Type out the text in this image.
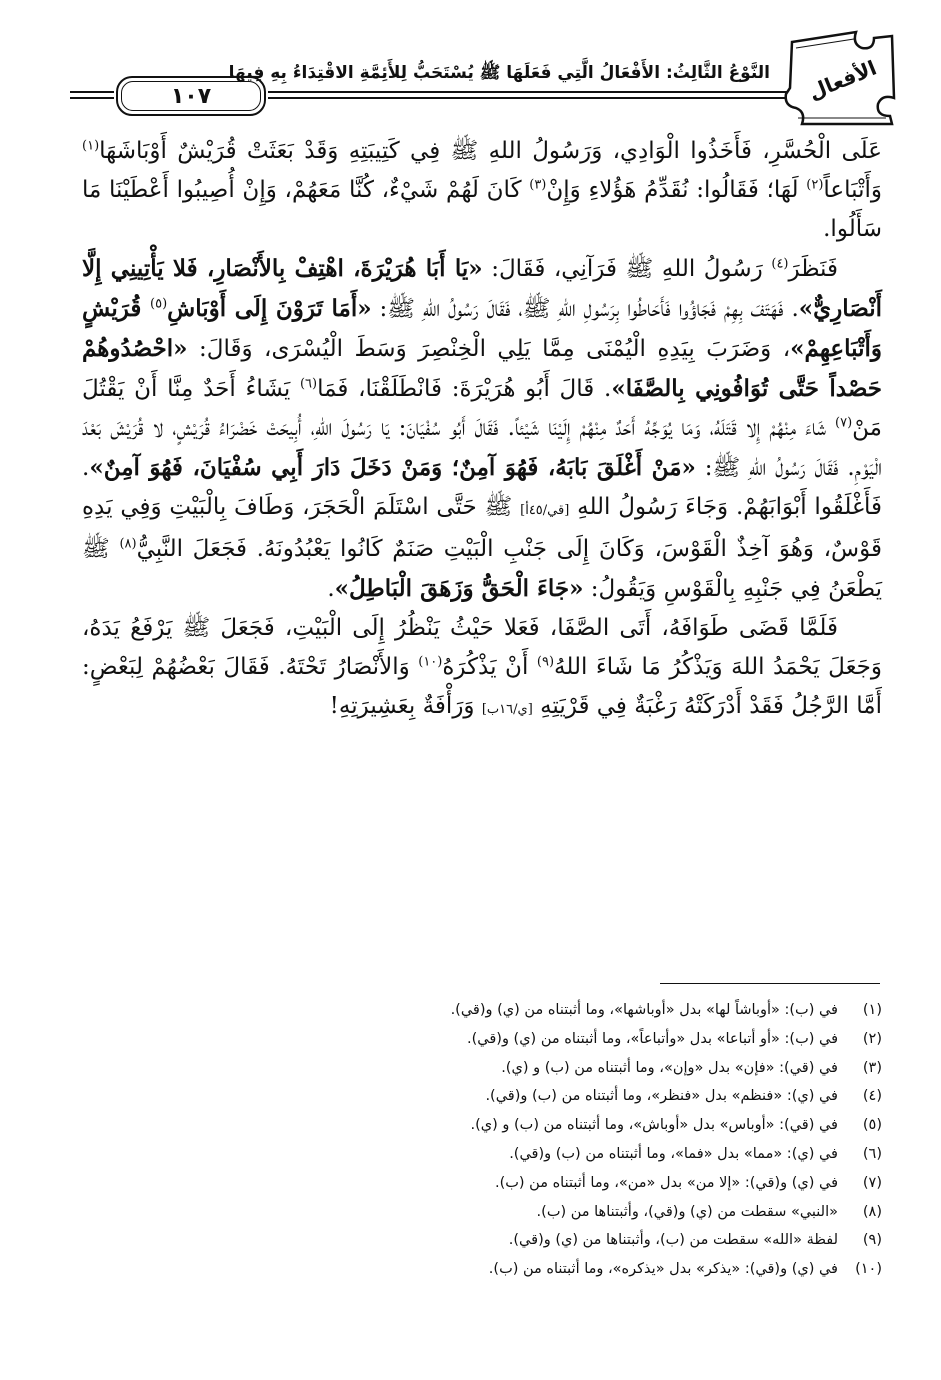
١٠٧
النَّوْعُ الثَّالِثُ: الأَفْعَالُ الَّتِي فَعَلَهَا ﷺ يُسْتَحَبُّ لِلأَئِمَّةِ الاقْتِدَاءُ بِهِ فِيهَا الأفعال

عَلَى الْحُسَّرِ، فَأَخَذُوا الْوَادِي، وَرَسُولُ اللهِ ﷺ فِي كَتِيبَتِهِ وَقَدْ بَعَثَتْ قُرَيْشٌ أَوْبَاشَهَا$^{(١)}$ وَأَتْبَاعاً$^{(٢)}$ لَهَا؛ فَقَالُوا: نُقَدِّمُ هَؤُلاءِ وَإِنْ$^{(٣)}$ كَانَ لَهُمْ شَيْءٌ، كُنَّا مَعَهُمْ، وَإِنْ أُصِيبُوا أَعْطَيْنَا مَا سَأَلُوا.

فَنَظَرَ$^{(٤)}$ رَسُولُ اللهِ ﷺ فَرَآنِي، فَقَالَ: «يَا أَبَا هُرَيْرَةَ، اهْتِفْ بِالأَنْصَارِ، فَلا يَأْتِينِي إِلَّا أَنْصَارِيٌّ». فَهَتَفَ بِهِمْ فَجَاؤُوا فَأَحَاطُوا بِرَسُولِ اللهِ ﷺ، فَقَالَ رَسُولُ اللهِ ﷺ: «أَمَا تَرَوْنَ إِلَى أَوْبَاشِ$^{(٥)}$ قُرَيْشٍ وَأَتْبَاعِهِمْ»، وَضَرَبَ بِيَدِهِ الْيُمْنَى مِمَّا يَلِي الْخِنْصِرَ وَسَطَ الْيُسْرَى، وَقَالَ: «احْصُدُوهُمْ حَصْداً حَتَّى تُوَافُونِي بِالصَّفَا». قَالَ أَبُو هُرَيْرَةَ: فَانْطَلَقْنَا، فَمَا$^{(٦)}$ يَشَاءُ أَحَدٌ مِنَّا أَنْ يَقْتُلَ مَنْ$^{(٧)}$ شَاءَ مِنْهُمْ إِلا قَتَلَهُ، وَمَا يُوَجِّهُ أَحَدٌ مِنْهُمْ إِلَيْنَا شَيْئاً. فَقَالَ أَبُو سُفْيَانَ: يَا رَسُولَ اللهِ، أُبِيحَتْ خَضْرَاءُ قُرَيْشٍ، لا قُرَيْشَ بَعْدَ الْيَوْمِ. فَقَالَ رَسُولُ اللهِ ﷺ: «مَنْ أَغْلَقَ بَابَهُ، فَهُوَ آمِنٌ؛ وَمَنْ دَخَلَ دَارَ أَبِي سُفْيَانَ، فَهُوَ آمِنٌ». فَأَغْلَقُوا أَبْوَابَهُمْ. وَجَاءَ رَسُولُ اللهِ [قي/٤٥أ] ﷺ حَتَّى اسْتَلَمَ الْحَجَرَ، وَطَافَ بِالْبَيْتِ وَفِي يَدِهِ قَوْسٌ، وَهُوَ آخِذٌ الْقَوْسَ، وَكَانَ إِلَى جَنْبِ الْبَيْتِ صَنَمٌ كَانُوا يَعْبُدُونَهُ. فَجَعَلَ النَّبِيُّ$^{(٨)}$ ﷺ يَطْعَنُ فِي جَنْبِهِ بِالْقَوْسِ وَيَقُولُ: «جَاءَ الْحَقُّ وَزَهَقَ الْبَاطِلُ».

فَلَمَّا قَضَى طَوَافَهُ، أَتَى الصَّفَا، فَعَلا حَيْثُ يَنْظُرُ إِلَى الْبَيْتِ، فَجَعَلَ ﷺ يَرْفَعُ يَدَهُ، وَجَعَلَ يَحْمَدُ اللهَ وَيَذْكُرُ مَا شَاءَ اللهُ$^{(٩)}$ أَنْ يَذْكُرَهُ$^{(١٠)}$ وَالأَنْصَارُ تَحْتَهُ. فَقَالَ بَعْضُهُمْ لِبَعْضٍ: أَمَّا الرَّجُلُ فَقَدْ أَدْرَكَتْهُ رَغْبَةٌ فِي قَرْيَتِهِ [ي/١٦ب] وَرَأْفَةٌ بِعَشِيرَتِهِ!

(١)في (ب): «أوباشاً لها» بدل «أوباشها»، وما أثبتناه من (ي) و(قي).
(٢)في (ب): «أو أتباعا» بدل «وأتباعاً»، وما أثبتناه من (ي) و(قي).
(٣)في (قي): «فإن» بدل «وإن»، وما أثبتناه من (ب) و (ي).
(٤)في (ي): «فنظم» بدل «فنظر»، وما أثبتناه من (ب) و(قي).
(٥)في (قي): «أوباس» بدل «أوباش»، وما أثبتناه من (ب) و (ي).
(٦)في (ي): «مما» بدل «فما»، وما أثبتناه من (ب) و(قي).
(٧)في (ي) و(قي): «إلا من» بدل «من»، وما أثبتناه من (ب).
(٨)«النبي» سقطت من (ي) و(قي)، وأثبتناها من (ب).
(٩)لفظة «الله» سقطت من (ب)، وأثبتناها من (ي) و(قي).
(١٠)في (ي) و(قي): «يذكر» بدل «يذكره»، وما أثبتناه من (ب).
